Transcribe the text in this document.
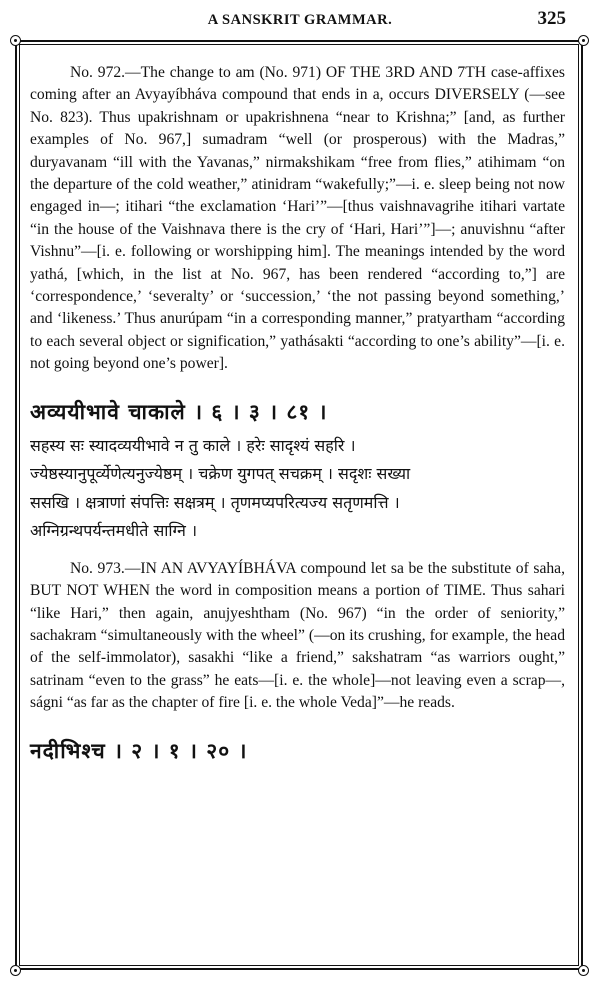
A SANSKRIT GRAMMAR.	325

No. 972.—The change to am (No. 971) OF THE 3RD AND 7TH case-affixes coming after an Avyayíbháva compound that ends in a, occurs DIVERSELY (—see No. 823). Thus upakrishnam or upakrishnena “near to Krishna;” [and, as further examples of No. 967,] sumadram “well (or prosperous) with the Madras,” duryavanam “ill with the Yavanas,” nirmakshikam “free from flies,” atihimam “on the departure of the cold weather,” atinidram “wakefully;”—i. e. sleep being not now engaged in—; itihari “the exclamation ‘Hari’”—[thus vaishnavagrihe itihari vartate “in the house of the Vaishnava there is the cry of ‘Hari, Hari’”]—; anuvishnu “after Vishnu”—[i. e. following or worshipping him]. The meanings intended by the word yathá, [which, in the list at No. 967, has been rendered “according to,”] are ‘correspondence,’ ‘severalty’ or ‘succession,’ ‘the not passing beyond something,’ and ‘likeness.’ Thus anurúpam “in a corresponding manner,” pratyartham “according to each several object or signification,” yathásakti “according to one’s ability”—[i. e. not going beyond one’s power].

अव्ययीभावे चाकाले । ६ । ३ । ८१ ।

सहस्य सः स्यादव्ययीभावे न तु काले । हरेः सादृश्यं सहरि ।

ज्येष्ठस्यानुपूर्व्येणेत्यनुज्येष्ठम् । चक्रेण युगपत् सचक्रम् । सदृशः सख्या

ससखि । क्षत्राणां संपत्तिः सक्षत्रम् । तृणमप्यपरित्यज्य सतृणमत्ति ।

अग्निग्रन्थपर्यन्तमधीते साग्नि ।

No. 973.—IN AN AVYAYÍBHÁVA compound let sa be the substitute of saha, BUT NOT WHEN the word in composition means a portion of TIME. Thus sahari “like Hari,” then again, anujyeshtham (No. 967) “in the order of seniority,” sachakram “simultaneously with the wheel” (—on its crushing, for example, the head of the self-immolator), sasakhi “like a friend,” sakshatram “as warriors ought,” satrinam “even to the grass” he eats—[i. e. the whole]—not leaving even a scrap—, ságni “as far as the chapter of fire [i. e. the whole Veda]”—he reads.

नदीभिश्च । २ । १ । २० ।
